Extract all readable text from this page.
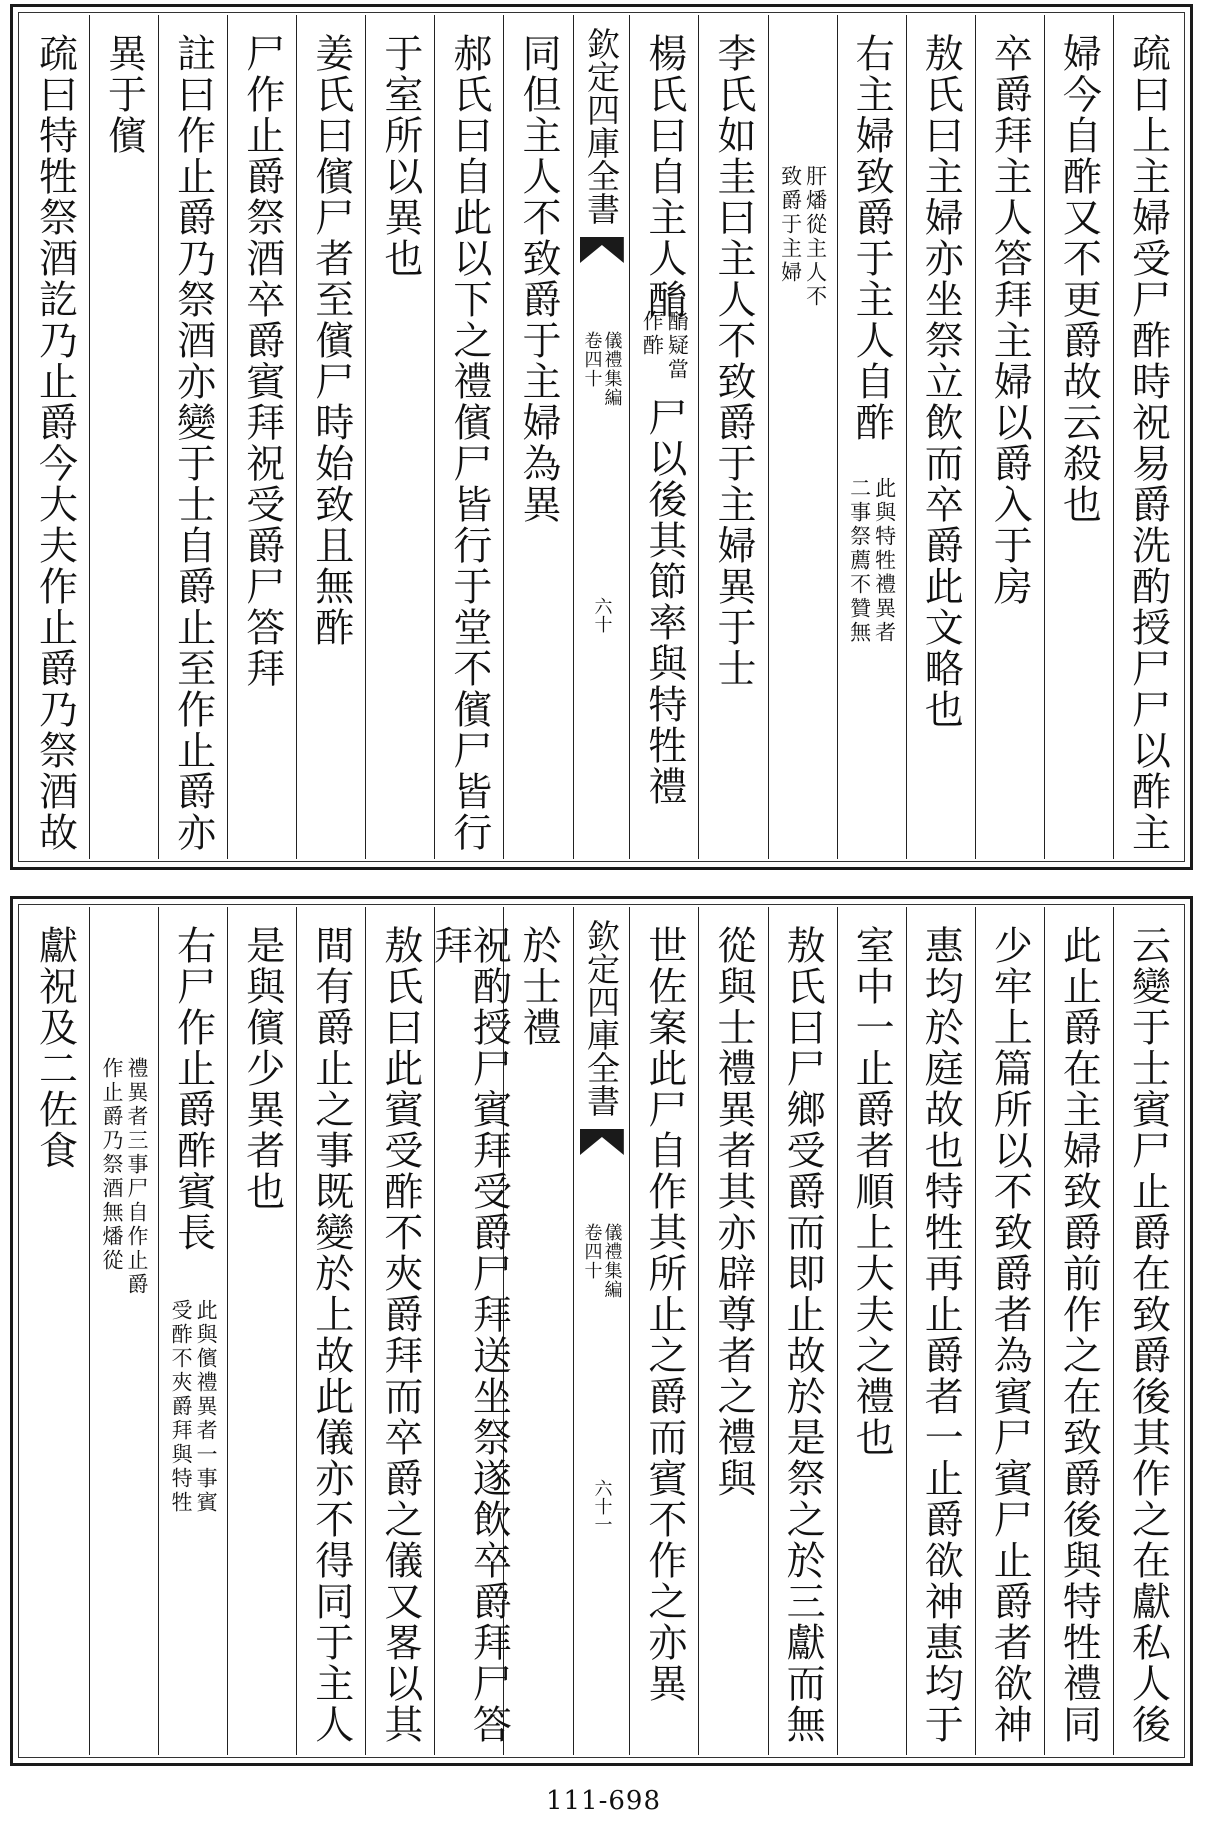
疏曰上主婦受尸酢時祝易爵洗酌授尸尸以酢主
婦今自酢又不更爵故云殺也
卒爵拜主人答拜主婦以爵入于房
敖氏曰主婦亦坐祭立飲而卒爵此文略也
右主婦致爵于主人自酢
此與特牲禮異者
二事祭薦不贊無
肝燔從主人不
致爵于主婦
李氏如圭曰主人不致爵于主婦異于士
楊氏曰自主人酳
酳疑當
作酢
尸以後其節率與特牲禮
欽定四庫全書
儀禮集編
卷四十
六十
同但主人不致爵于主婦為異
郝氏曰自此以下之禮儐尸皆行于堂不儐尸皆行
于室所以異也
姜氏曰儐尸者至儐尸時始致且無酢
尸作止爵祭酒卒爵賓拜祝受爵尸答拜
註曰作止爵乃祭酒亦變于士自爵止至作止爵亦
異于儐
疏曰特牲祭酒訖乃止爵今大夫作止爵乃祭酒故
云變于士賓尸止爵在致爵後其作之在獻私人後
此止爵在主婦致爵前作之在致爵後與特牲禮同
少牢上篇所以不致爵者為賓尸賓尸止爵者欲神
惠均於庭故也特牲再止爵者一止爵欲神惠均于
室中一止爵者順上大夫之禮也
敖氏曰尸鄉受爵而即止故於是祭之於三獻而無
從與士禮異者其亦辟尊者之禮與
世佐案此尸自作其所止之爵而賓不作之亦異
欽定四庫全書
儀禮集編
卷四十
六十一
於士禮
祝酌授尸賓拜受爵尸拜送坐祭遂飲卒爵拜尸答拜
敖氏曰此賓受酢不夾爵拜而卒爵之儀又畧以其
間有爵止之事既變於上故此儀亦不得同于主人
是與儐少異者也
右尸作止爵酢賓長
此與儐禮異者一事賓
受酢不夾爵拜與特牲
禮異者三事尸自作止爵
作止爵乃祭酒無燔從
獻祝及二佐食
111-698
